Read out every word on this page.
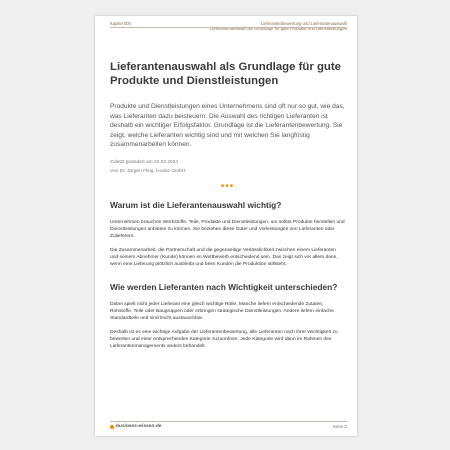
Kapitel 000	Lieferantenbewertung und Lieferantenauswahl
Lieferantenauswahl als Grundlage für gute Produkte und Dienstleistungen
Lieferantenauswahl als Grundlage für gute Produkte und Dienstleistungen
Produkte und Dienstleistungen eines Unternehmens sind oft nur so gut, wie das, was Lieferanten dazu beisteuern. Die Auswahl des richtigen Lieferanten ist deshalb ein wichtiger Erfolgsfaktor. Grundlage ist die Lieferantenbewertung. Sie zeigt, welche Lieferanten wichtig sind und mit welchen Sie langfristig zusammenarbeiten können.
Zuletzt geändert am 22.02.2024
Von Dr. Jürgen Fleig, b-wise GmbH
•••
Warum ist die Lieferantenauswahl wichtig?
Unternehmen brauchen Werkstoffe, Teile, Produkte und Dienstleistungen, um selbst Produkte herstellen und Dienstleistungen anbieten zu können. Sie beziehen diese Güter und Vorleistungen von Lieferanten oder Zulieferern.
Die Zusammenarbeit, die Partnerschaft und die gegenseitige Verlässlichkeit zwischen einem Lieferanten und seinem Abnehmer (Kunde) können im Wettbewerb entscheidend sein. Das zeigt sich vor allem dann, wenn eine Lieferung plötzlich ausbleibt und beim Kunden die Produktion stillsteht.
Wie werden Lieferanten nach Wichtigkeit unterschieden?
Dabei spielt nicht jeder Lieferant eine gleich wichtige Rolle. Manche liefern entscheidende Zutaten, Rohstoffe, Teile oder Baugruppen oder erbringen strategische Dienstleistungen. Andere liefern einfache Standardteile und sind leicht austauschbar.
Deshalb ist es eine wichtige Aufgabe der Lieferantenbewertung, alle Lieferanten nach ihrer Wichtigkeit zu bewerten und einer entsprechenden Kategorie zuzuordnen. Jede Kategorie wird dann im Rahmen des Lieferantenmanagements anders behandelt.
business-wissen.de	Seite 2
